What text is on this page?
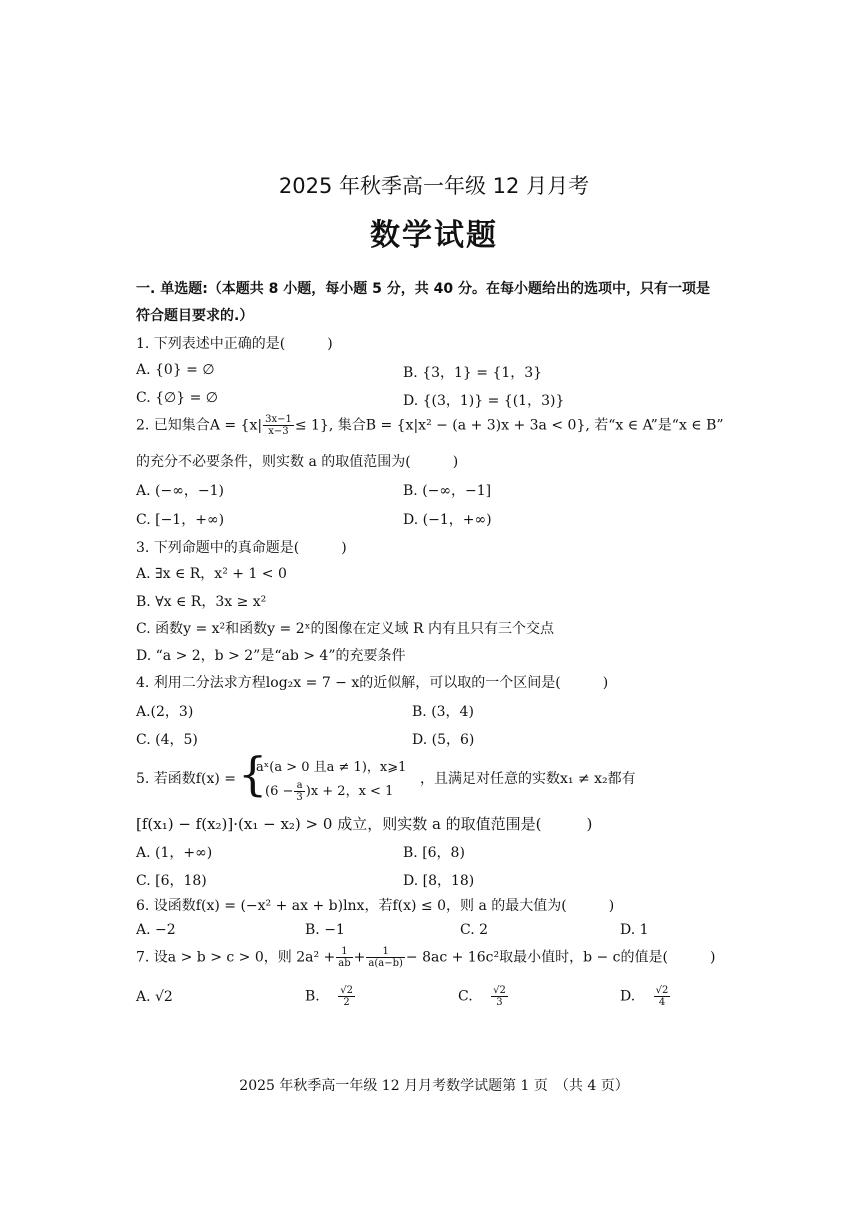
2025 年秋季高一年级 12 月月考
数学试题
一. 单选题:（本题共 8 小题，每小题 5 分，共 40 分。在每小题给出的选项中，只有一项是
符合题目要求的.）
1. 下列表述中正确的是(　　　)
A. {0} = ∅	B. {3，1} = {1，3}
C. {∅} = ∅	D. {(3，1)} = {(1，3)}
2. 已知集合$A = \{x| \frac{3x-1}{x-3} \le 1\}$, 集合B = {x|x² − (a + 3)x + 3a < 0}, 若“x ∈ A”是“x ∈ B”
的充分不必要条件，则实数 a 的取值范围为(　　　)
A. (−∞，−1)	B. (−∞，−1]
C. [−1，+∞)	D. (−1，+∞)
3. 下列命题中的真命题是(　　　)
A. ∃x ∈ R，x² + 1 < 0
B. ∀x ∈ R，3x ≥ x²
C. 函数y = x²和函数y = 2ˣ的图像在定义域 R 内有且只有三个交点
D. “a > 2，b > 2”是“ab > 4”的充要条件
4. 利用二分法求方程log₂x = 7 − x的近似解，可以取的一个区间是(　　　)
A.(2，3)	B. (3，4)
C. (4，5)	D. (5，6)
5. 若函数f(x) = {
aˣ(a > 0 且a ≠ 1)，x⩾1
$(6 - \frac{a}{3} )x + 2$，x < 1
，且满足对任意的实数x₁ ≠ x₂都有
[f(x₁) − f(x₂)]·(x₁ − x₂) > 0 成立，则实数 a 的取值范围是(　　　)
A. (1，+∞)	B. [6，8)
C. [6，18)	D. [8，18)
6. 设函数f(x) = (−x² + ax + b)lnx，若f(x) ≤ 0，则 a 的最大值为(　　　)
A. −2	B. −1	C. 2	D. 1
7. 设a > b > c > 0，则 $2a^2 + \frac{1}{ab} + \frac{1}{a(a-b)} - 8ac + 16c^2$取最小值时，b − c的值是(　　　)
A. √2	B. $\frac{√2}{2}$	C. $\frac{√2}{3}$	D. $\frac{√2}{4}$
2025 年秋季高一年级 12 月月考数学试题第 1 页　（共 4 页）
